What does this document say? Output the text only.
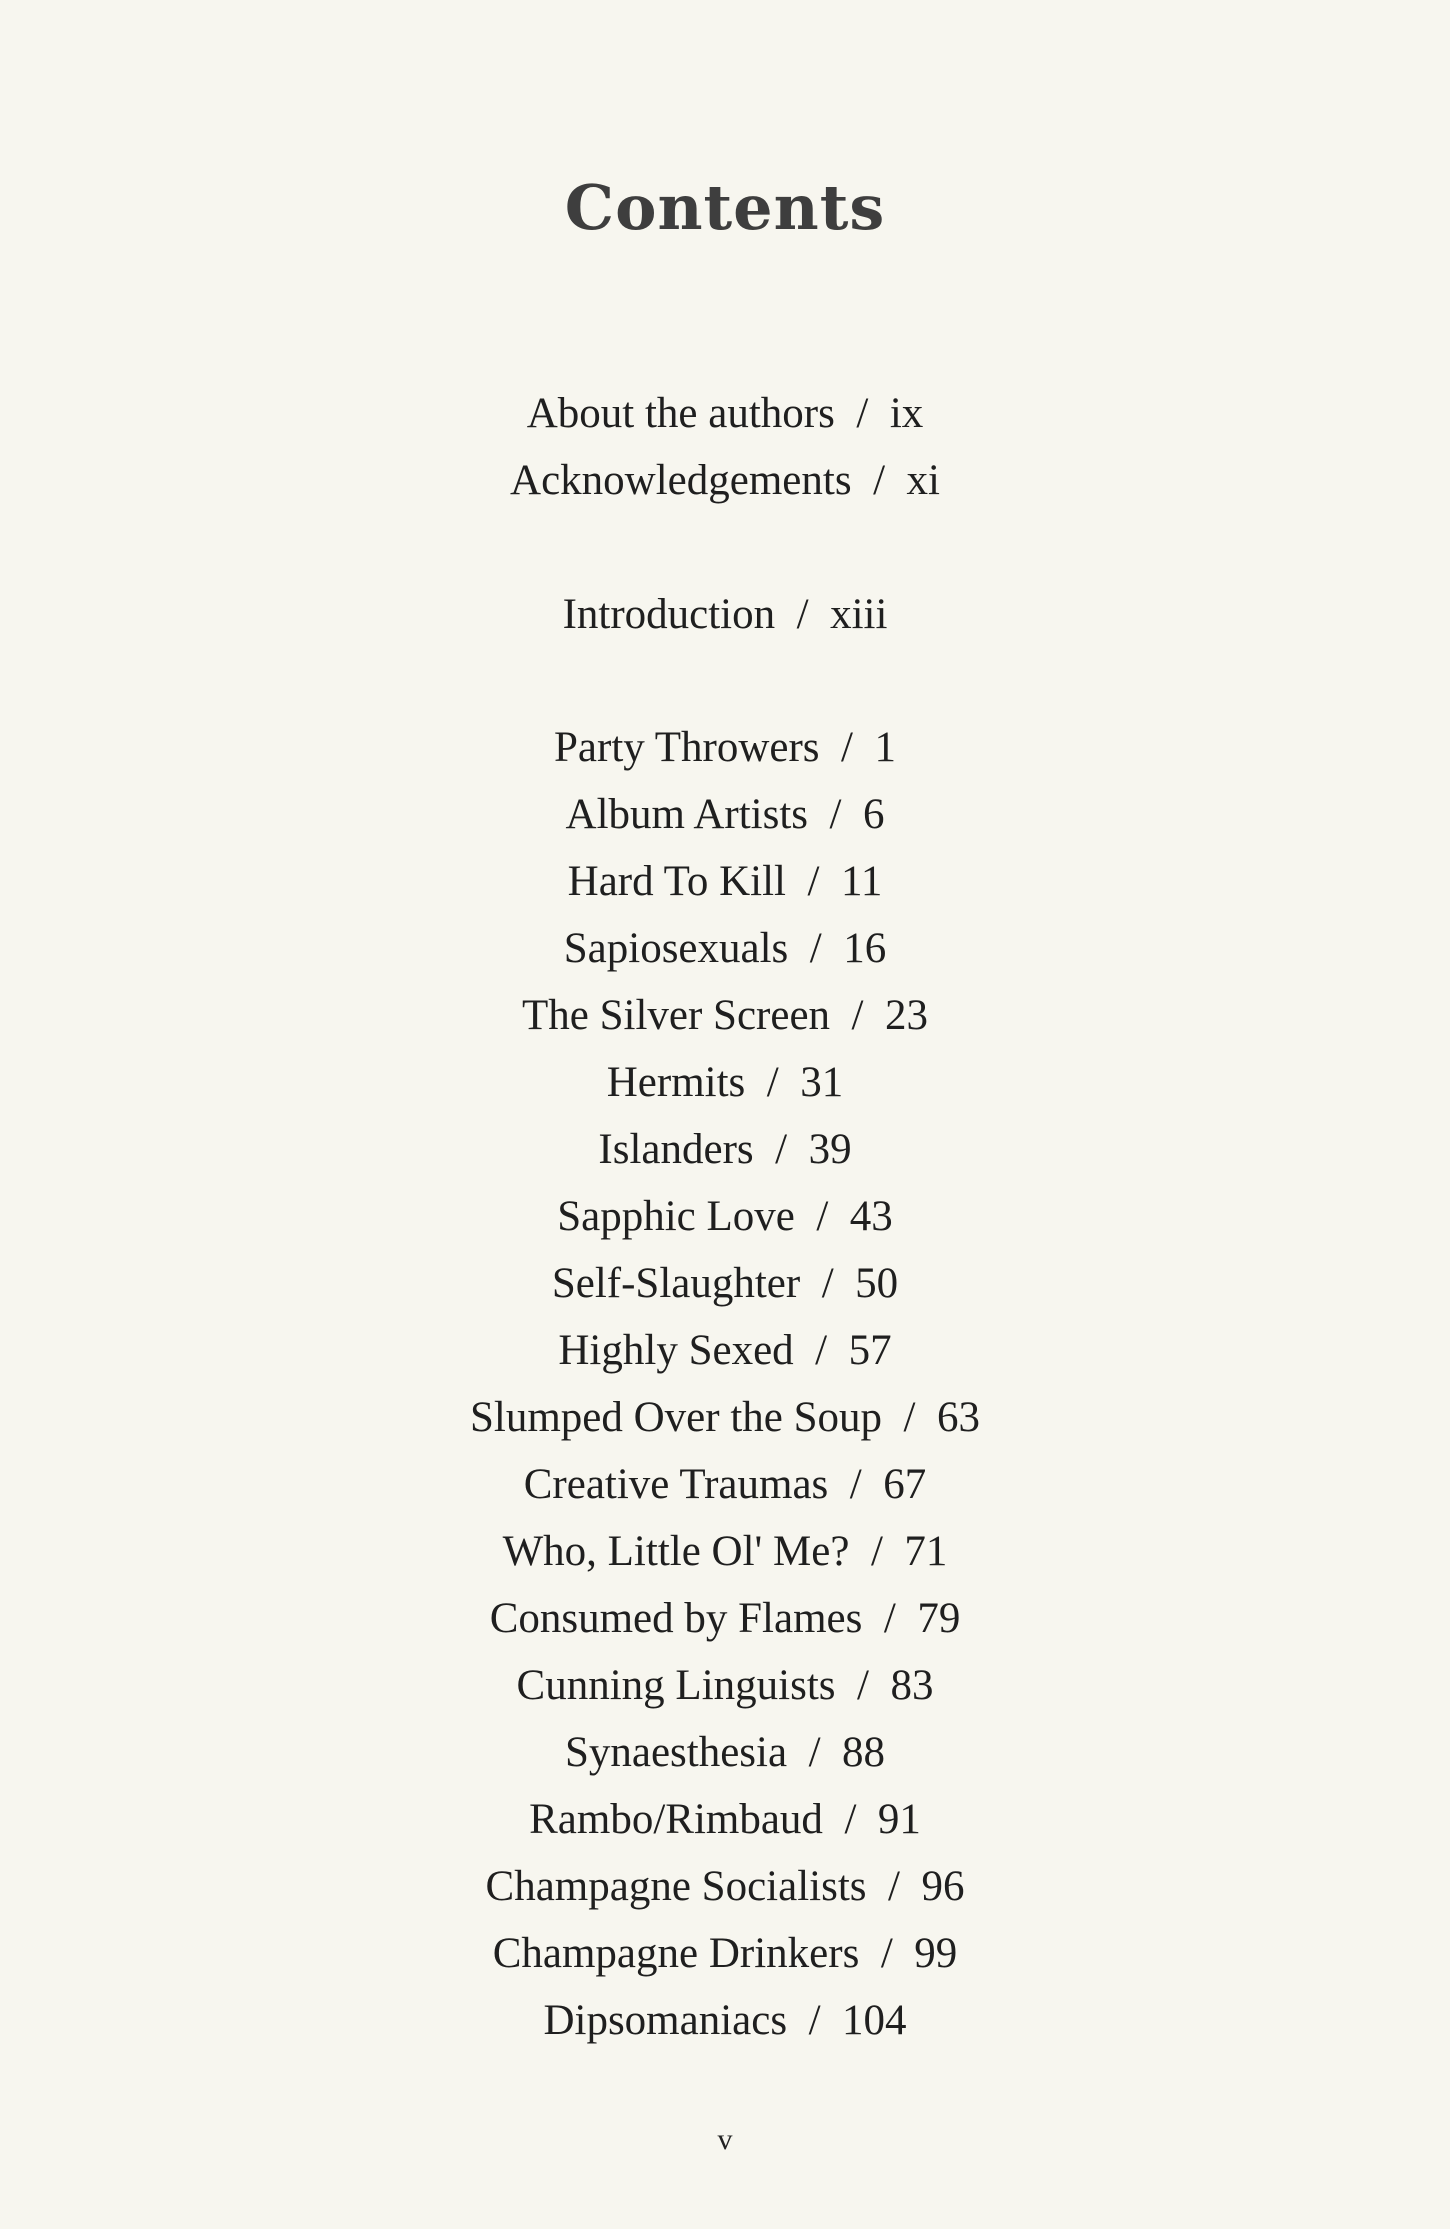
Contents
About the authors / ix
Acknowledgements / xi
Introduction / xiii
Party Throwers / 1
Album Artists / 6
Hard To Kill / 11
Sapiosexuals / 16
The Silver Screen / 23
Hermits / 31
Islanders / 39
Sapphic Love / 43
Self-Slaughter / 50
Highly Sexed / 57
Slumped Over the Soup / 63
Creative Traumas / 67
Who, Little Ol' Me? / 71
Consumed by Flames / 79
Cunning Linguists / 83
Synaesthesia / 88
Rambo/Rimbaud / 91
Champagne Socialists / 96
Champagne Drinkers / 99
Dipsomaniacs / 104
v
